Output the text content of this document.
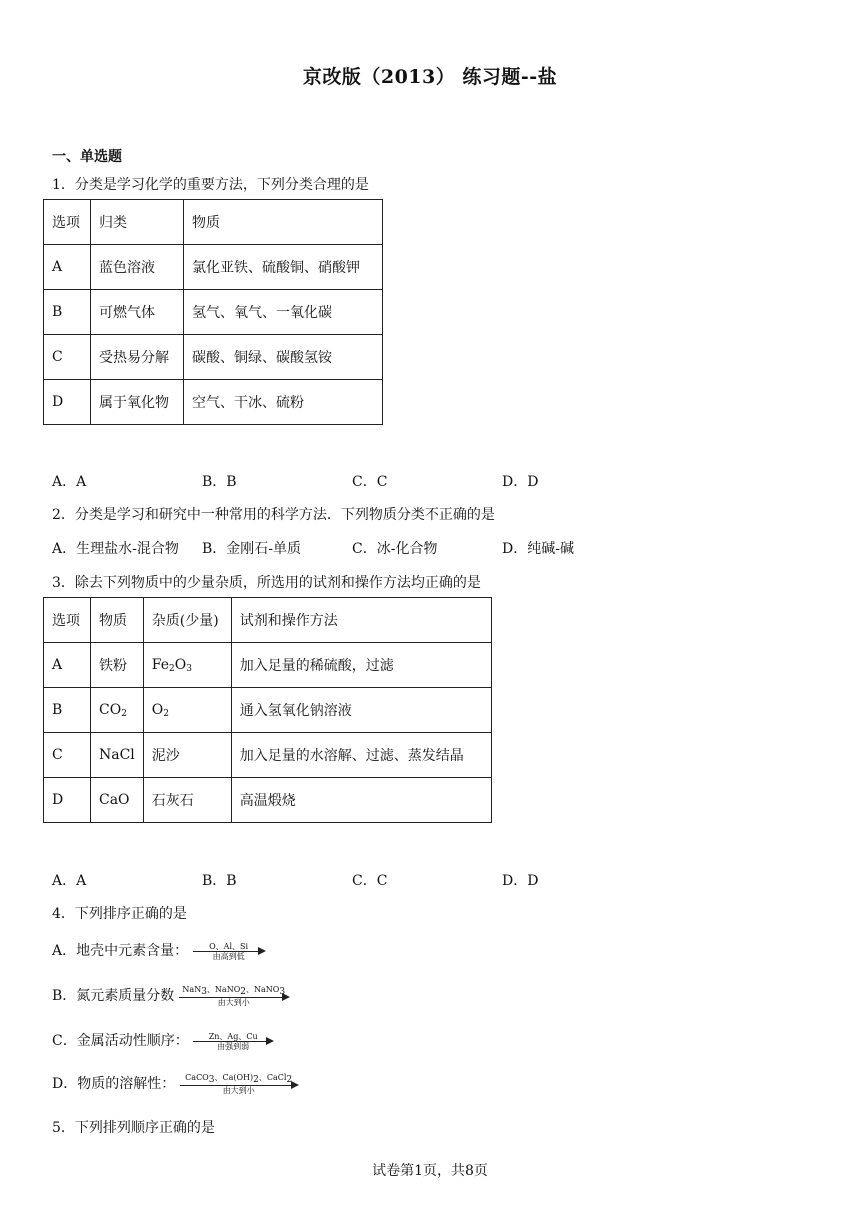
京改版（2013） 练习题--盐
一、单选题
1．分类是学习化学的重要方法，下列分类合理的是
选项	归类	物质
A	蓝色溶液	氯化亚铁、硫酸铜、硝酸钾
B	可燃气体	氢气、氧气、一氧化碳
C	受热易分解	碳酸、铜绿、碳酸氢铵
D	属于氧化物	空气、干冰、硫粉
A．A	B．B	C．C	D．D
2．分类是学习和研究中一种常用的科学方法．下列物质分类不正确的是
A．生理盐水-混合物 B．金刚石-单质	C．冰-化合物	D．纯碱-碱
3．除去下列物质中的少量杂质，所选用的试剂和操作方法均正确的是
选项	物质	杂质(少量)	试剂和操作方法
A	铁粉	$Fe_2O_3$	加入足量的稀硫酸，过滤
B	$CO_2$	$O_2$	通入氢氧化钠溶液
C	NaCl	泥沙	加入足量的水溶解、过滤、蒸发结晶
D	CaO	石灰石	高温煅烧
A．A	B．B	C．C	D．D
4．下列排序正确的是
A．地壳中元素含量：	O、Al、Si
由高到低
B．氮元素质量分数	NaN$_3$、NaNO$_2$、NaNO$_3$
由大到小
C．金属活动性顺序：	Zn、Ag、Cu
由强到弱
D．物质的溶解性：	CaCO$_3$、$Ca(OH)_2$、CaCl$_2$
由大到小
5．下列排列顺序正确的是
试卷第1页，共8页
